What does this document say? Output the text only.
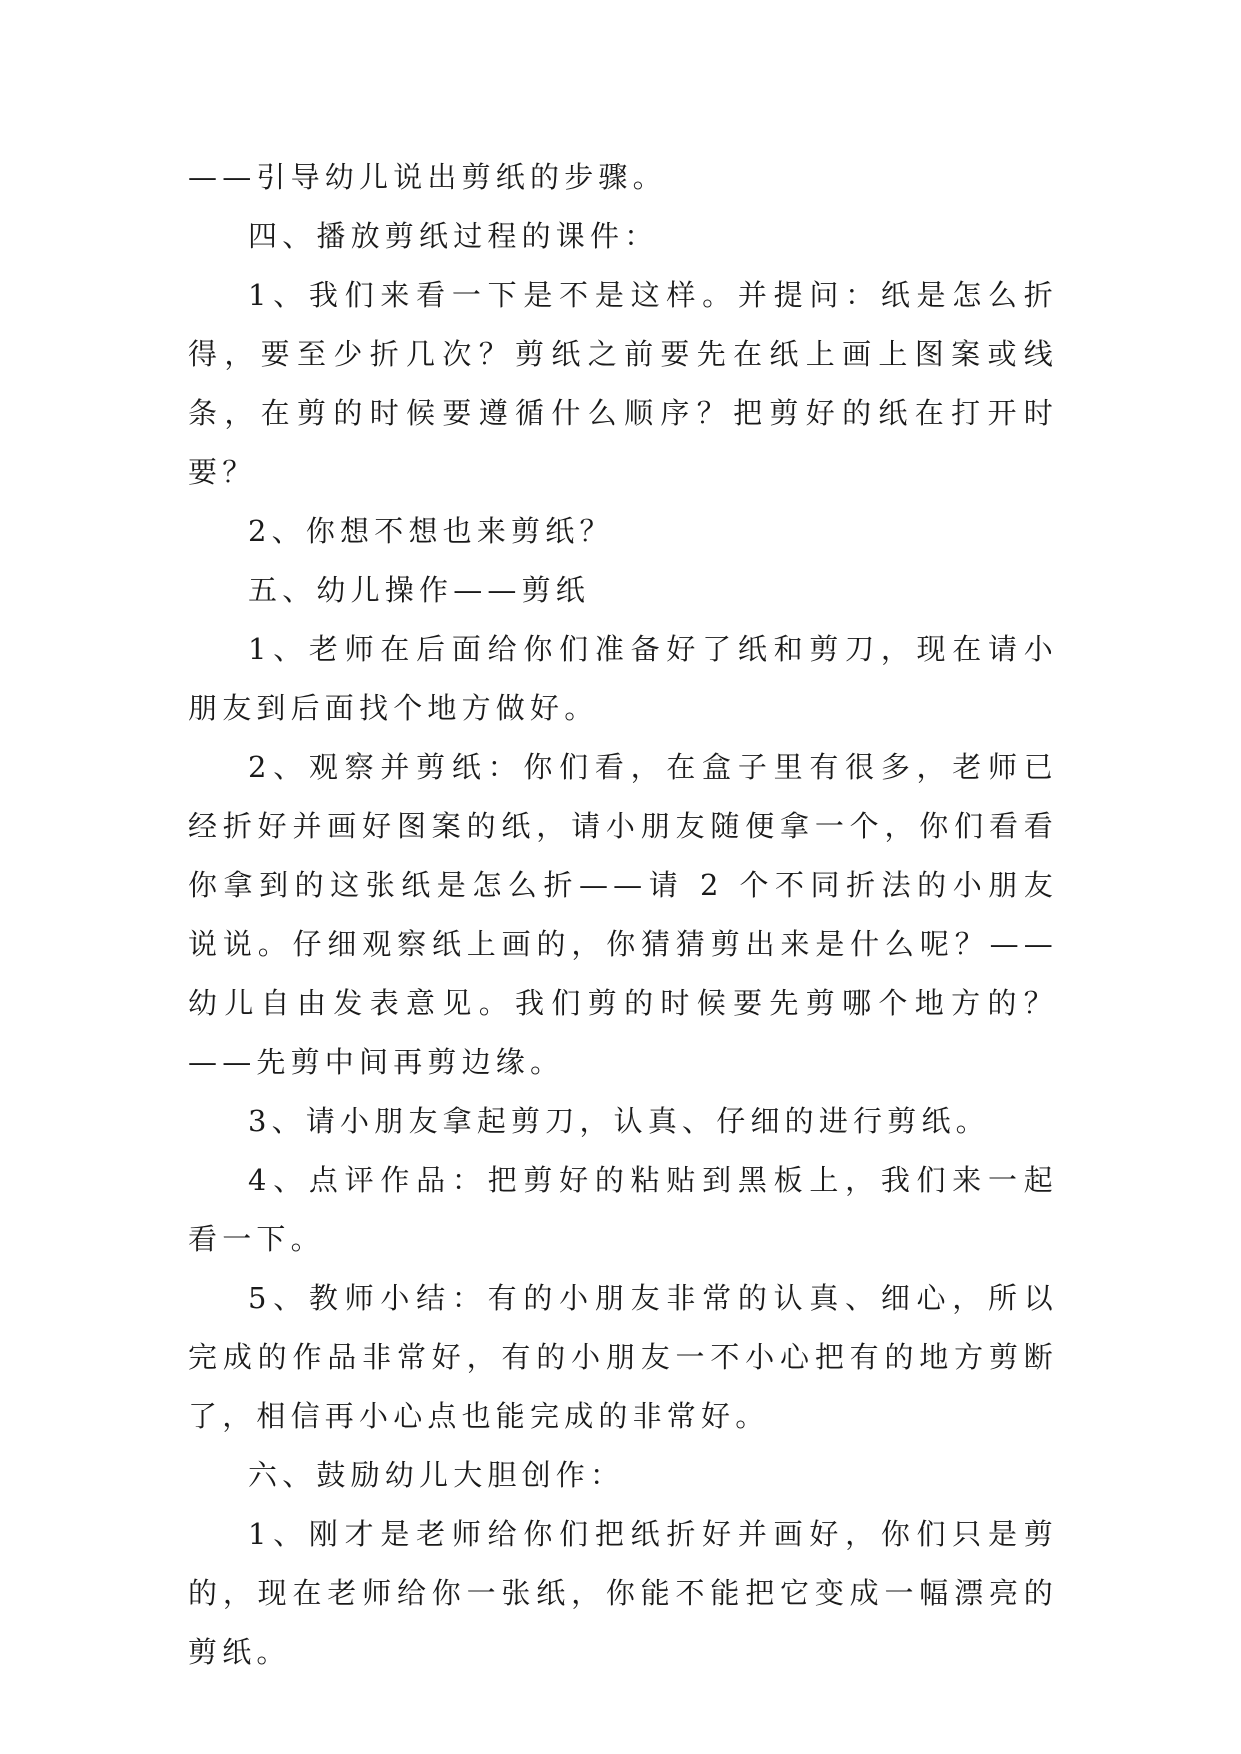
——引导幼儿说出剪纸的步骤。

四、播放剪纸过程的课件：

1、我们来看一下是不是这样。并提问：纸是怎么折得，要至少折几次？剪纸之前要先在纸上画上图案或线条，在剪的时候要遵循什么顺序？把剪好的纸在打开时要？

2、你想不想也来剪纸？

五、幼儿操作——剪纸

1、老师在后面给你们准备好了纸和剪刀，现在请小朋友到后面找个地方做好。

2、观察并剪纸：你们看，在盒子里有很多，老师已经折好并画好图案的纸，请小朋友随便拿一个，你们看看你拿到的这张纸是怎么折——请 2 个不同折法的小朋友说说。仔细观察纸上画的，你猜猜剪出来是什么呢？——幼儿自由发表意见。我们剪的时候要先剪哪个地方的？——先剪中间再剪边缘。

3、请小朋友拿起剪刀，认真、仔细的进行剪纸。

4、点评作品：把剪好的粘贴到黑板上，我们来一起看一下。

5、教师小结：有的小朋友非常的认真、细心，所以完成的作品非常好，有的小朋友一不小心把有的地方剪断了，相信再小心点也能完成的非常好。

六、鼓励幼儿大胆创作：

1、刚才是老师给你们把纸折好并画好，你们只是剪的，现在老师给你一张纸，你能不能把它变成一幅漂亮的剪纸。
